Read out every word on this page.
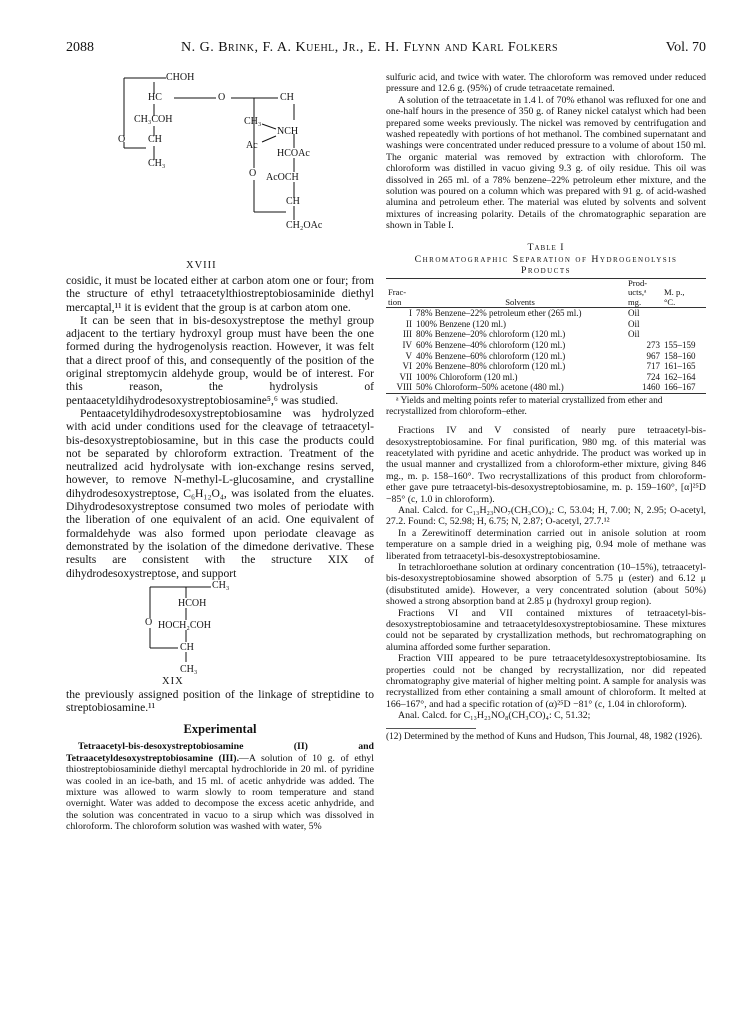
2088	N. G. Brink, F. A. Kuehl, Jr., E. H. Flynn and Karl Folkers	Vol. 70
CHOH
HC	O	CH
O
CH₃COH	CH₃
NCH
Ac
CH
O
HCOAc
CH₃
AcOCH
CH
CH₂OAc
XVIII

cosidic, it must be located either at carbon atom one or four; from the structure of ethyl tetraacetylthiostreptobiosaminide diethyl mercaptal,¹¹ it is evident that the group is at carbon atom one.

It can be seen that in bis-desoxystreptose the methyl group adjacent to the tertiary hydroxyl group must have been the one formed during the hydrogenolysis reaction. However, it was felt that a direct proof of this, and consequently of the position of the original streptomycin aldehyde group, would be of interest. For this reason, the hydrolysis of pentaacetyldihydrodesoxystreptobiosamine⁵,⁶ was studied.

Pentaacetyldihydrodesoxystreptobiosamine was hydrolyzed with acid under conditions used for the cleavage of tetraacetyl-bis-desoxystreptobiosamine, but in this case the products could not be separated by chloroform extraction. Treatment of the neutralized acid hydrolysate with ion-exchange resins served, however, to remove N-methyl-L-glucosamine, and crystalline dihydrodesoxystreptose, C₆H₁₂O₄, was isolated from the eluates. Dihydrodesoxystreptose consumed two moles of periodate with the liberation of one equivalent of an acid. One equivalent of formaldehyde was also formed upon periodate cleavage as demonstrated by the isolation of the dimedone derivative. These results are consistent with the structure XIX of dihydrodesoxystreptose, and support

CH₃
HCOH
O HOCH₂COH
CH
CH₃
XIX

the previously assigned position of the linkage of streptidine to streptobiosamine.¹¹

Experimental

Tetraacetyl-bis-desoxystreptobiosamine (II) and Tetraacetyldesoxystreptobiosamine (III).—A solution of 10 g. of ethyl thiostreptobiosaminide diethyl mercaptal hydrochloride in 20 ml. of pyridine was cooled in an ice-bath, and 15 ml. of acetic anhydride was added. The mixture was allowed to warm slowly to room temperature and stand overnight. Water was added to decompose the excess acetic anhydride, and the solution was concentrated in vacuo to a sirup which was dissolved in chloroform. The chloroform solution was washed with water, 5%

sulfuric acid, and twice with water. The chloroform was removed under reduced pressure and 12.6 g. (95%) of crude tetraacetate remained.

A solution of the tetraacetate in 1.4 l. of 70% ethanol was refluxed for one and one-half hours in the presence of 350 g. of Raney nickel catalyst which had been prepared some weeks previously. The nickel was removed by centrifugation and washed repeatedly with portions of hot methanol. The combined supernatant and washings were concentrated under reduced pressure to a volume of about 150 ml. The organic material was removed by extraction with chloroform. The chloroform was distilled in vacuo giving 9.3 g. of oily residue. This oil was dissolved in 265 ml. of a 78% benzene–22% petroleum ether mixture, and the solution was poured on a column which was prepared with 91 g. of acid-washed alumina and petroleum ether. The material was eluted by solvents and solvent mixtures of increasing polarity. Details of the chromatographic separation are shown in Table I.

Table I
Chromatographic Separation of Hydrogenolysis
Products
Frac-
tion	Solvents	Prod-
ucts,ᵃ
mg.	M. p.,
°C.
I	78% Benzene–22% petroleum ether (265 ml.)	Oil	
II	100% Benzene (120 ml.)	Oil	
III	80% Benzene–20% chloroform (120 ml.)	Oil	
IV	60% Benzene–40% chloroform (120 ml.)	273	155–159
V	40% Benzene–60% chloroform (120 ml.)	967	158–160
VI	20% Benzene–80% chloroform (120 ml.)	717	161–165
VII	100% Chloroform (120 ml.)	724	162–164
VIII	50% Chloroform–50% acetone (480 ml.)	1460	166–167

ᵃ Yields and melting points refer to material crystallized from ether and recrystallized from chloroform–ether.

Fractions IV and V consisted of nearly pure tetraacetyl-bis-desoxystreptobiosamine. For final purification, 980 mg. of this material was reacetylated with pyridine and acetic anhydride. The product was worked up in the usual manner and crystallized from a chloroform-ether mixture, giving 846 mg., m. p. 158–160°. Two recrystallizations of this product from chloroform-ether gave pure tetraacetyl-bis-desoxystreptobiosamine, m. p. 159–160°, [α]²⁵D −85° (c, 1.0 in chloroform).

Anal. Calcd. for C₁₃H₂₃NO₇(CH₃CO)₄: C, 53.04; H, 7.00; N, 2.95; O-acetyl, 27.2. Found: C, 52.98; H, 6.75; N, 2.87; O-acetyl, 27.7.¹²

In a Zerewitinoff determination carried out in anisole solution at room temperature on a sample dried in a weighing pig, 0.94 mole of methane was liberated from tetraacetyl-bis-desoxystreptobiosamine.

In tetrachloroethane solution at ordinary concentration (10–15%), tetraacetyl-bis-desoxystreptobiosamine showed absorption of 5.75 μ (ester) and 6.12 μ (disubstituted amide). However, a very concentrated solution (about 50%) showed a strong absorption band at 2.85 μ (hydroxyl group region).

Fractions VI and VII contained mixtures of tetraacetyl-bis-desoxystreptobiosamine and tetraacetyldesoxystreptobiosamine. These mixtures could not be separated by crystallization methods, but rechromatographing on alumina afforded some further separation.

Fraction VIII appeared to be pure tetraacetyldesoxystreptobiosamine. Its properties could not be changed by recrystallization, nor did repeated chromatography give material of higher melting point. A sample for analysis was recrystallized from ether containing a small amount of chloroform. It melted at 166–167°, and had a specific rotation of (α)²⁵D −81° (c, 1.04 in chloroform).

Anal. Calcd. for C₁₃H₂₃NO₈(CH₃CO)₄: C, 51.32;

(12) Determined by the method of Kuns and Hudson, This Journal, 48, 1982 (1926).
